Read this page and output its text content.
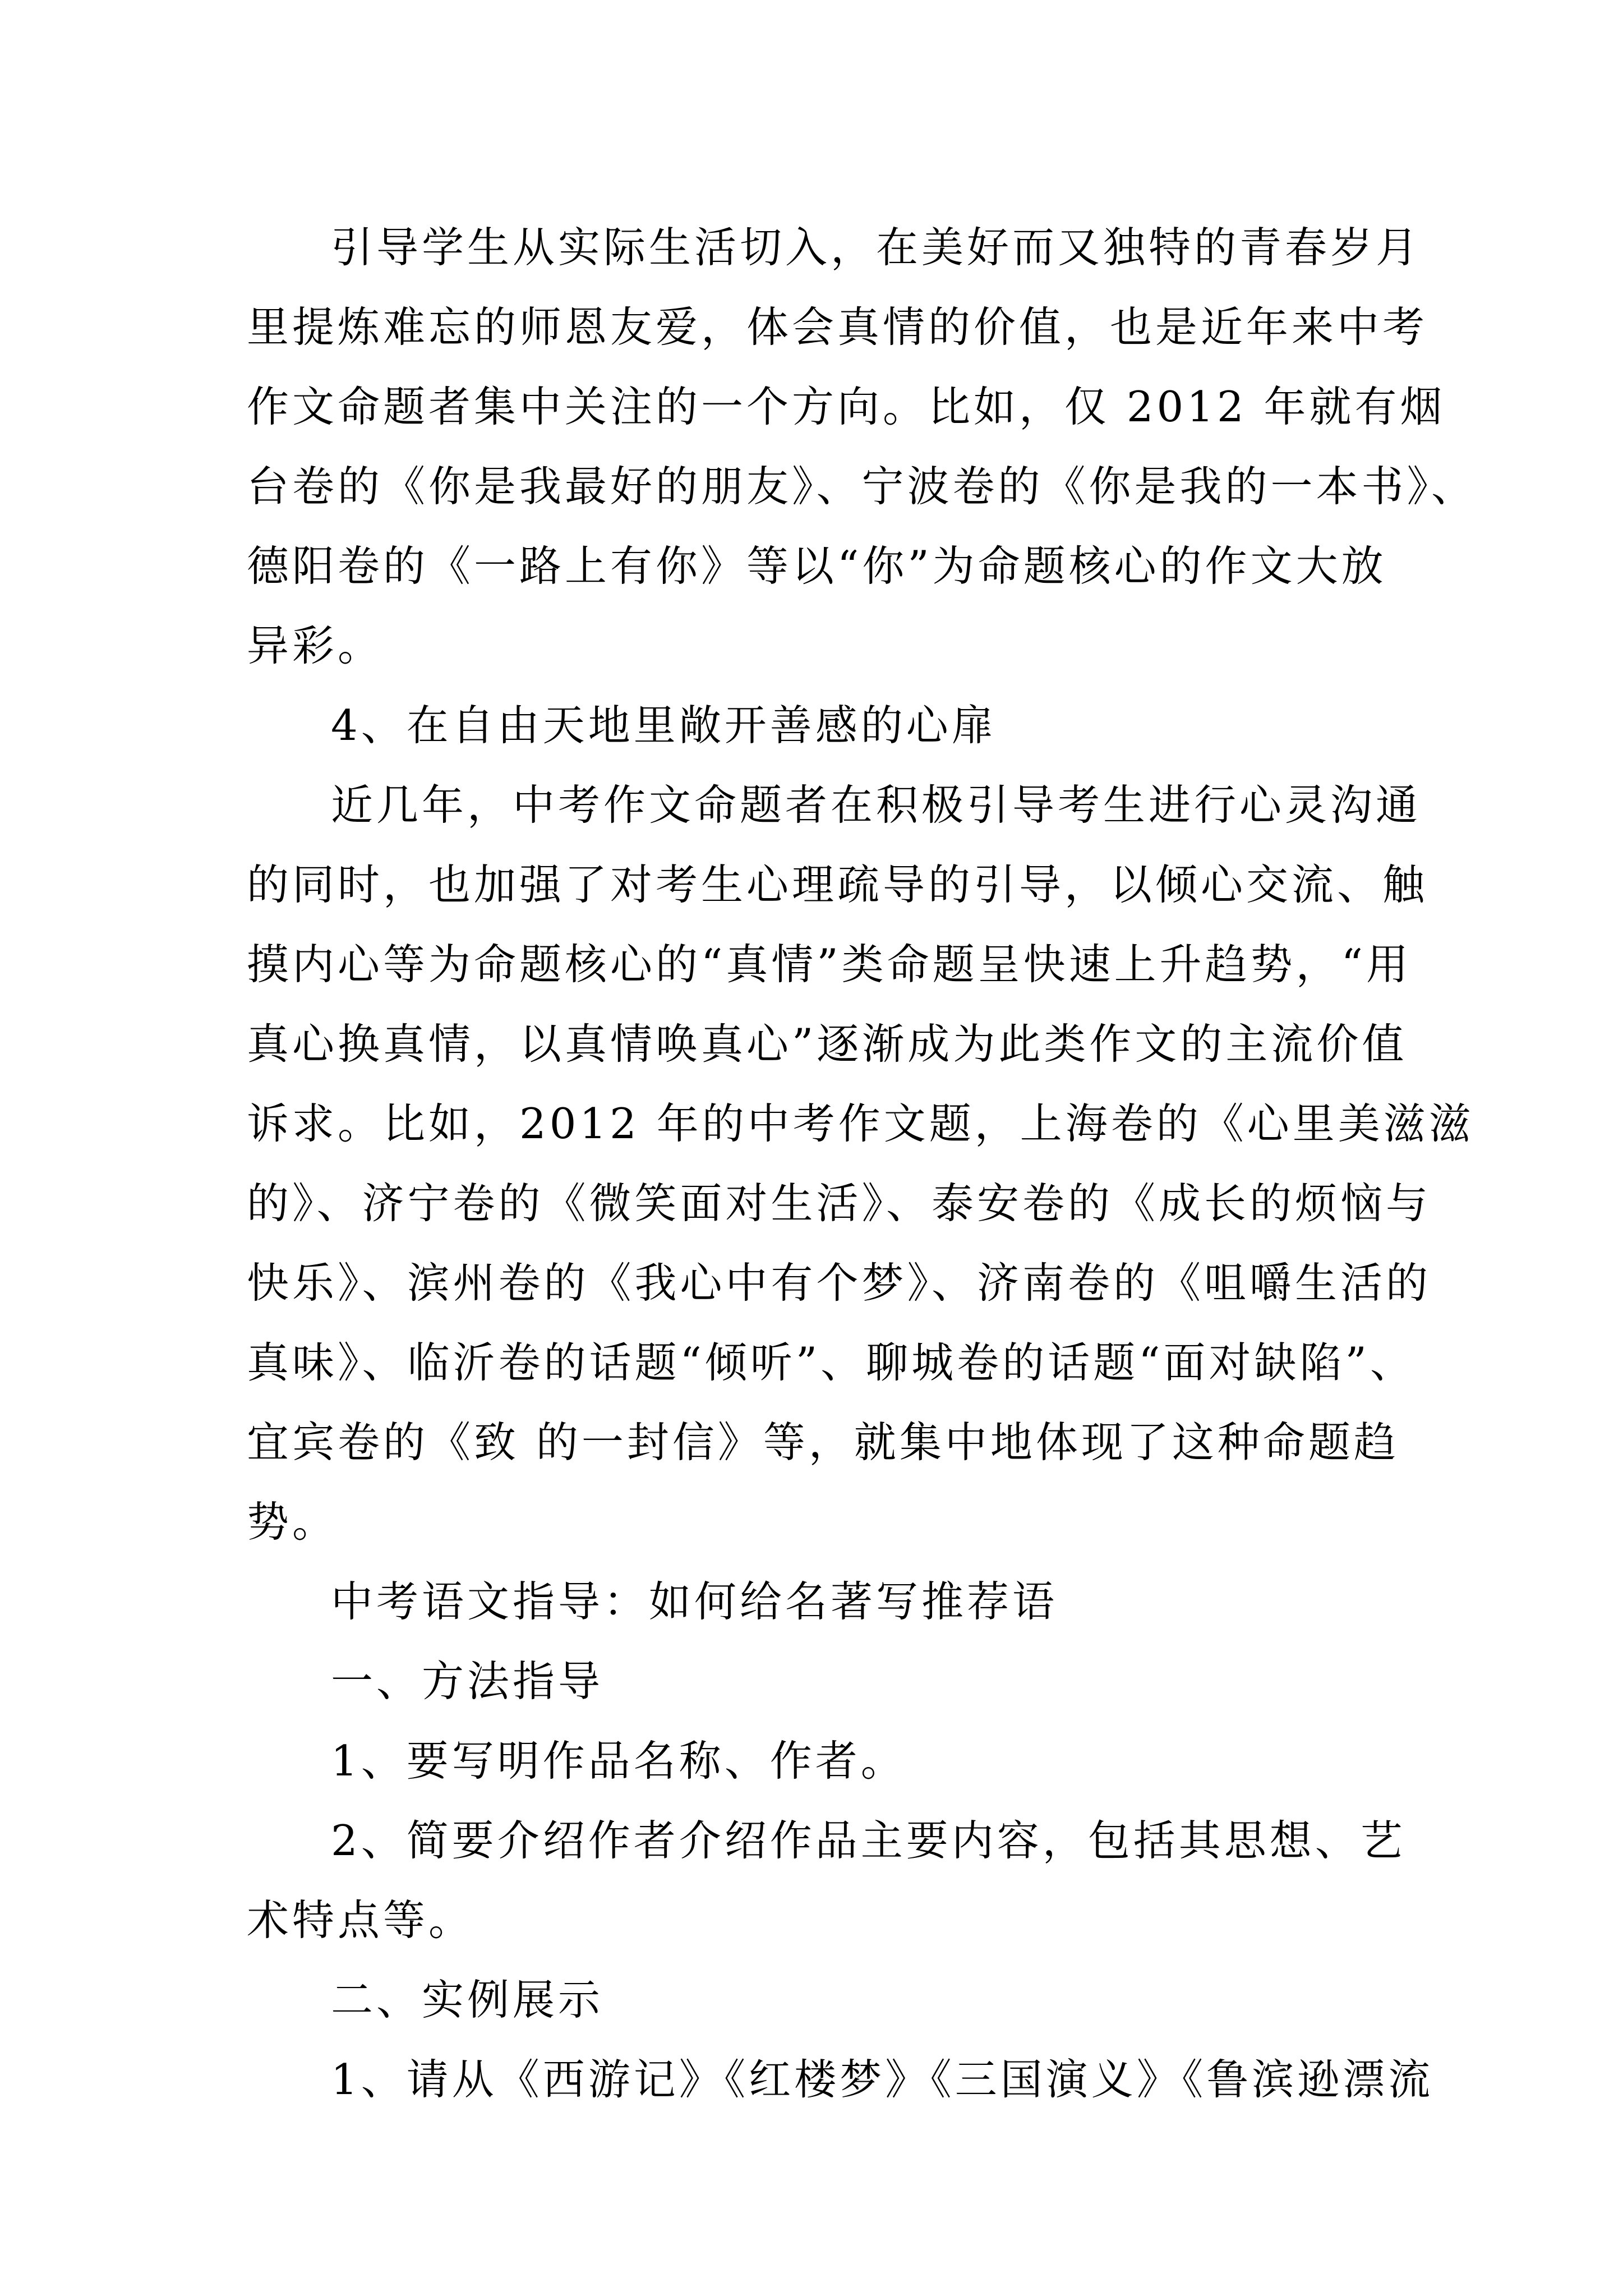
引导学生从实际生活切入，在美好而又独特的青春岁月
里提炼难忘的师恩友爱，体会真情的价值，也是近年来中考
作文命题者集中关注的一个方向。比如，仅 2012 年就有烟
台卷的《你是我最好的朋友》、宁波卷的《你是我的一本书》、
德阳卷的《一路上有你》等以“你”为命题核心的作文大放
异彩。
4、在自由天地里敞开善感的心扉
近几年，中考作文命题者在积极引导考生进行心灵沟通
的同时，也加强了对考生心理疏导的引导，以倾心交流、触
摸内心等为命题核心的“真情”类命题呈快速上升趋势，“用
真心换真情，以真情唤真心”逐渐成为此类作文的主流价值
诉求。比如，2012 年的中考作文题，上海卷的《心里美滋滋
的》、济宁卷的《微笑面对生活》、泰安卷的《成长的烦恼与
快乐》、滨州卷的《我心中有个梦》、济南卷的《咀嚼生活的
真味》、临沂卷的话题“倾听”、聊城卷的话题“面对缺陷”、
宜宾卷的《致 的一封信》等，就集中地体现了这种命题趋
势。
中考语文指导：如何给名著写推荐语
一、方法指导
1、要写明作品名称、作者。
2、简要介绍作者介绍作品主要内容，包括其思想、艺
术特点等。
二、实例展示
1、请从《西游记》《红楼梦》《三国演义》《鲁滨逊漂流
